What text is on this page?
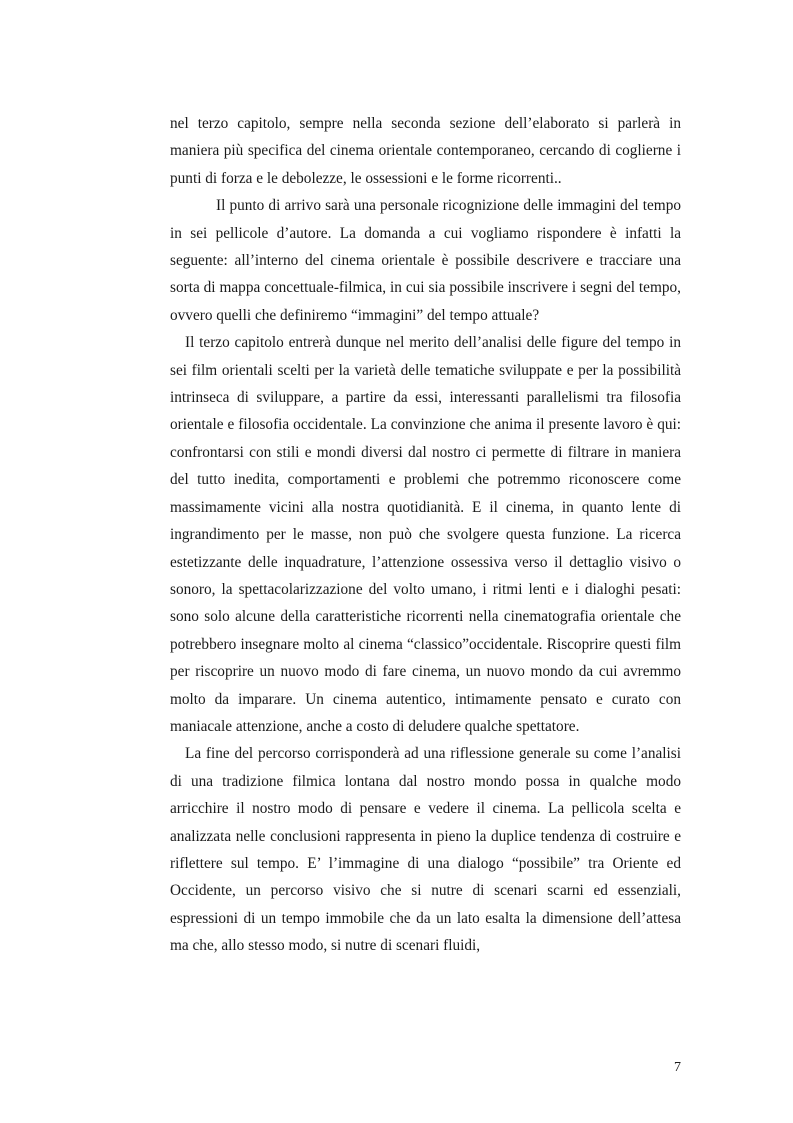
nel terzo capitolo, sempre nella seconda sezione dell’elaborato si parlerà in maniera più specifica del cinema orientale contemporaneo, cercando di coglierne i punti di forza e le debolezze, le ossessioni e le forme ricorrenti..

Il punto di arrivo sarà una personale ricognizione delle immagini del tempo in sei pellicole d’autore. La domanda a cui vogliamo rispondere è infatti la seguente: all’interno del cinema orientale è possibile descrivere e tracciare una sorta di mappa concettuale-filmica, in cui sia possibile inscrivere i segni del tempo, ovvero quelli che definiremo “immagini” del tempo attuale?

Il terzo capitolo entrerà dunque nel merito dell’analisi delle figure del tempo in sei film orientali scelti per la varietà delle tematiche sviluppate e per la possibilità intrinseca di sviluppare, a partire da essi, interessanti parallelismi tra filosofia orientale e filosofia occidentale. La convinzione che anima il presente lavoro è qui: confrontarsi con stili e mondi diversi dal nostro ci permette di filtrare in maniera del tutto inedita, comportamenti e problemi che potremmo riconoscere come massimamente vicini alla nostra quotidianità. E il cinema, in quanto lente di ingrandimento per le masse, non può che svolgere questa funzione. La ricerca estetizzante delle inquadrature, l’attenzione ossessiva verso il dettaglio visivo o sonoro, la spettacolarizzazione del volto umano, i ritmi lenti e i dialoghi pesati: sono solo alcune della caratteristiche ricorrenti nella cinematografia orientale che potrebbero insegnare molto al cinema “classico”occidentale. Riscoprire questi film per riscoprire un nuovo modo di fare cinema, un nuovo mondo da cui avremmo molto da imparare. Un cinema autentico, intimamente pensato e curato con maniacale attenzione, anche a costo di deludere qualche spettatore.

La fine del percorso corrisponderà ad una riflessione generale su come l’analisi di una tradizione filmica lontana dal nostro mondo possa in qualche modo arricchire il nostro modo di pensare e vedere il cinema. La pellicola scelta e analizzata nelle conclusioni rappresenta in pieno la duplice tendenza di costruire e riflettere sul tempo. E’ l’immagine di una dialogo “possibile” tra Oriente ed Occidente, un percorso visivo che si nutre di scenari scarni ed essenziali, espressioni di un tempo immobile che da un lato esalta la dimensione dell’attesa ma che, allo stesso modo, si nutre di scenari fluidi,

7
